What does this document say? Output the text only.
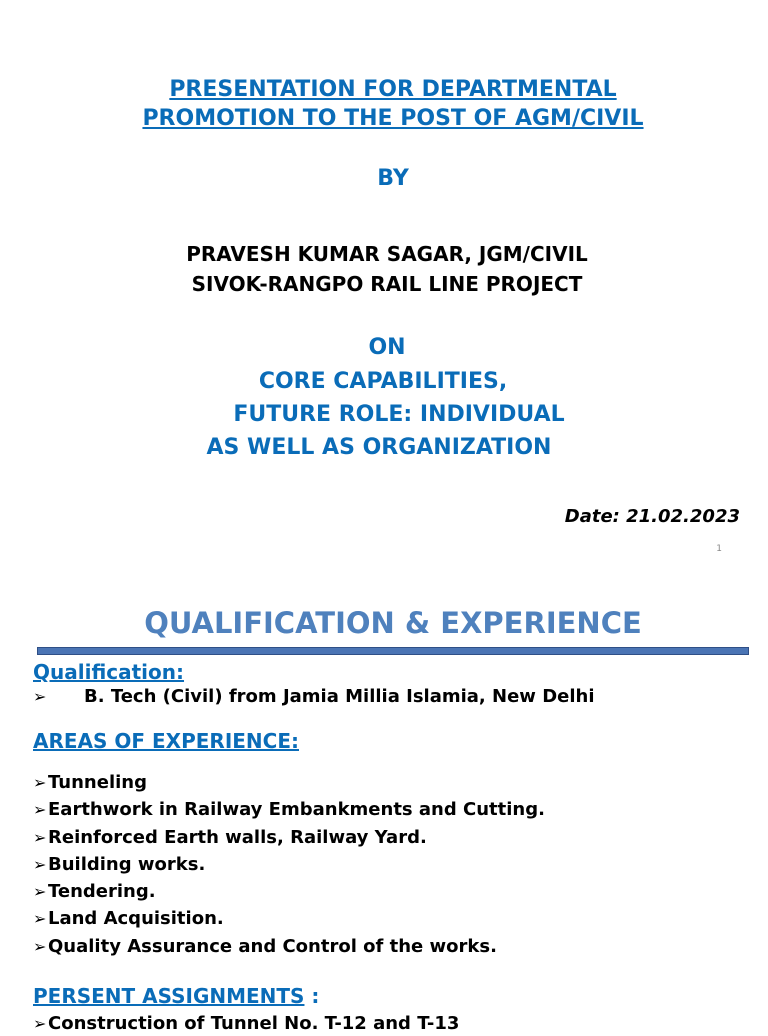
PRESENTATION FOR DEPARTMENTAL
PROMOTION TO THE POST OF AGM/CIVIL
BY
PRAVESH KUMAR SAGAR, JGM/CIVIL
SIVOK-RANGPO RAIL LINE PROJECT
ON
CORE CAPABILITIES,
FUTURE ROLE: INDIVIDUAL
AS WELL AS ORGANIZATION
Date: 21.02.2023
1
QUALIFICATION & EXPERIENCE
Qualification:
➢ B. Tech (Civil) from Jamia Millia Islamia, New Delhi
AREAS OF EXPERIENCE:
➢Tunneling
➢Earthwork in Railway Embankments and Cutting.
➢Reinforced Earth walls, Railway Yard.
➢Building works.
➢Tendering.
➢Land Acquisition.
➢Quality Assurance and Control of the works.
PERSENT ASSIGNMENTS :
➢Construction of Tunnel No. T-12 and T-13
